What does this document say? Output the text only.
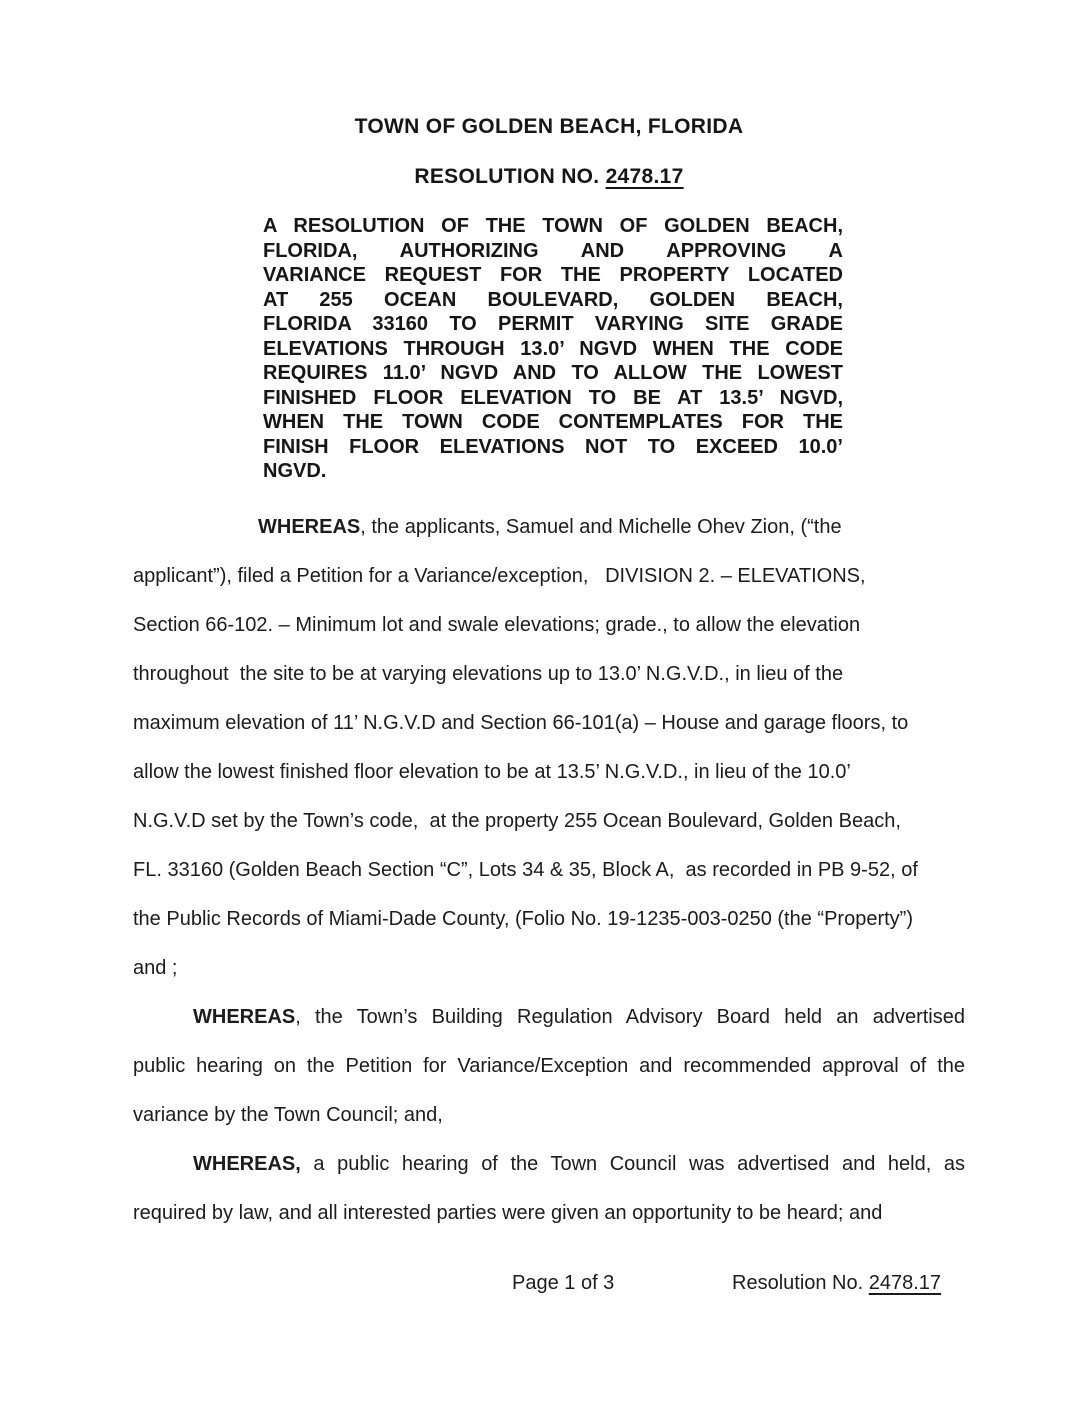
TOWN OF GOLDEN BEACH, FLORIDA
RESOLUTION NO. 2478.17
A RESOLUTION OF THE TOWN OF GOLDEN BEACH,
FLORIDA, AUTHORIZING AND APPROVING A
VARIANCE REQUEST FOR THE PROPERTY LOCATED
AT 255 OCEAN BOULEVARD, GOLDEN BEACH,
FLORIDA 33160 TO PERMIT VARYING SITE GRADE
ELEVATIONS THROUGH 13.0’ NGVD WHEN THE CODE
REQUIRES 11.0’ NGVD AND TO ALLOW THE LOWEST
FINISHED FLOOR ELEVATION TO BE AT 13.5’ NGVD,
WHEN THE TOWN CODE CONTEMPLATES FOR THE
FINISH FLOOR ELEVATIONS NOT TO EXCEED 10.0’
NGVD.
WHEREAS, the applicants, Samuel and Michelle Ohev Zion, (“the
applicant”), filed a Petition for a Variance/exception,   DIVISION 2. – ELEVATIONS,
Section 66-102. – Minimum lot and swale elevations; grade., to allow the elevation
throughout  the site to be at varying elevations up to 13.0’ N.G.V.D., in lieu of the
maximum elevation of 11’ N.G.V.D and Section 66-101(a) – House and garage floors, to
allow the lowest finished floor elevation to be at 13.5’ N.G.V.D., in lieu of the 10.0’
N.G.V.D set by the Town’s code,  at the property 255 Ocean Boulevard, Golden Beach,
FL. 33160 (Golden Beach Section “C”, Lots 34 & 35, Block A,  as recorded in PB 9-52, of
the Public Records of Miami-Dade County, (Folio No. 19-1235-003-0250 (the “Property”)
and ;
WHEREAS, the Town’s Building Regulation Advisory Board held an advertised
public hearing on the Petition for Variance/Exception and recommended approval of the
variance by the Town Council; and,
WHEREAS, a public hearing of the Town Council was advertised and held, as
required by law, and all interested parties were given an opportunity to be heard; and
Page 1 of 3	Resolution No. 2478.17
